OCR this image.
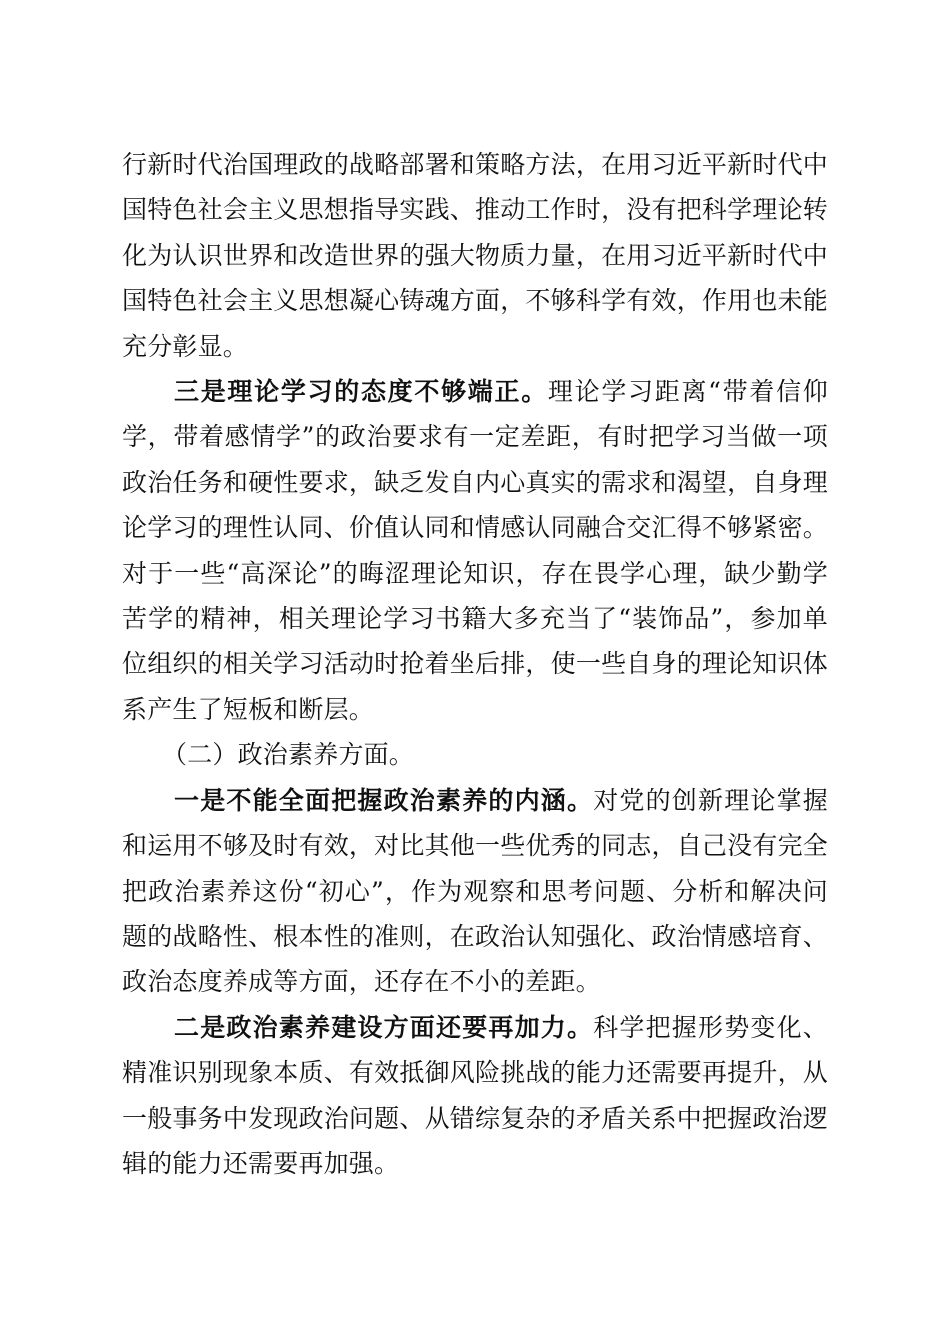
行新时代治国理政的战略部署和策略方法，在用习近平新时代中国特色社会主义思想指导实践、推动工作时，没有把科学理论转化为认识世界和改造世界的强大物质力量，在用习近平新时代中国特色社会主义思想凝心铸魂方面，不够科学有效，作用也未能充分彰显。

三是理论学习的态度不够端正。理论学习距离“带着信仰学，带着感情学”的政治要求有一定差距，有时把学习当做一项政治任务和硬性要求，缺乏发自内心真实的需求和渴望，自身理论学习的理性认同、价值认同和情感认同融合交汇得不够紧密。对于一些“高深论”的晦涩理论知识，存在畏学心理，缺少勤学苦学的精神，相关理论学习书籍大多充当了“装饰品”，参加单位组织的相关学习活动时抢着坐后排，使一些自身的理论知识体系产生了短板和断层。

（二）政治素养方面。

一是不能全面把握政治素养的内涵。对党的创新理论掌握和运用不够及时有效，对比其他一些优秀的同志，自己没有完全把政治素养这份“初心”，作为观察和思考问题、分析和解决问题的战略性、根本性的准则，在政治认知强化、政治情感培育、政治态度养成等方面，还存在不小的差距。

二是政治素养建设方面还要再加力。科学把握形势变化、精准识别现象本质、有效抵御风险挑战的能力还需要再提升，从一般事务中发现政治问题、从错综复杂的矛盾关系中把握政治逻辑的能力还需要再加强。
